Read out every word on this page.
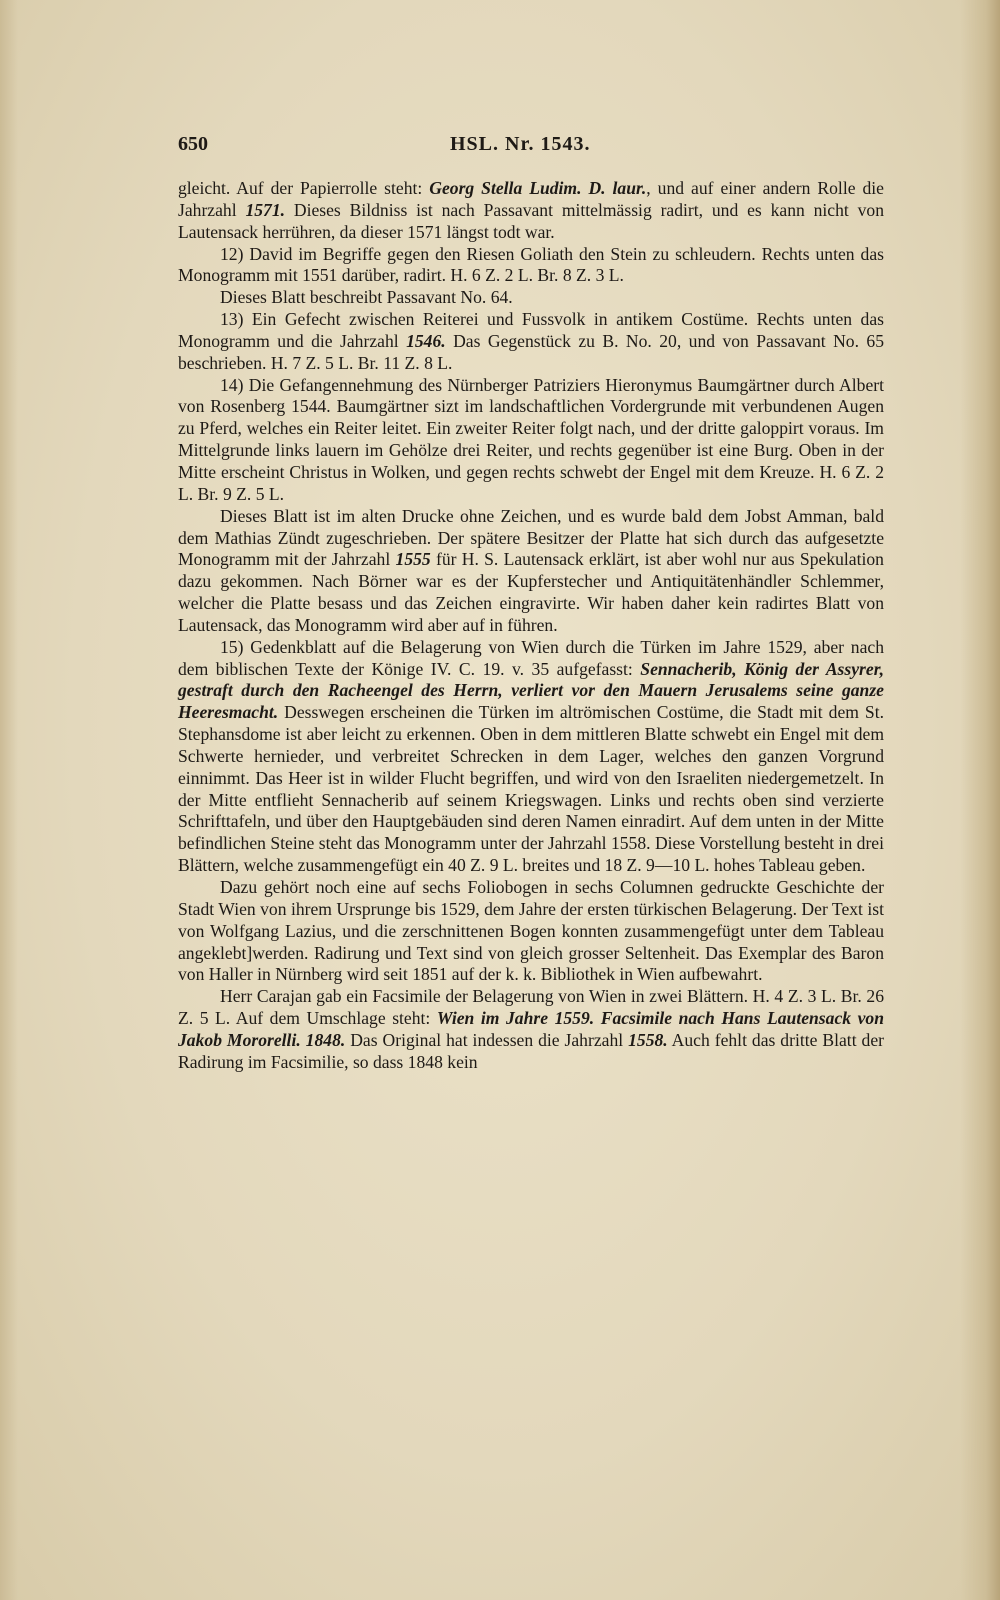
650	HSL. Nr. 1543.

gleicht. Auf der Papierrolle steht: Georg Stella Ludim. D. laur., und auf einer andern Rolle die Jahrzahl 1571. Dieses Bildniss ist nach Passavant mittelmässig radirt, und es kann nicht von Lautensack herrühren, da dieser 1571 längst todt war.

12) David im Begriffe gegen den Riesen Goliath den Stein zu schleudern. Rechts unten das Monogramm mit 1551 darüber, radirt. H. 6 Z. 2 L. Br. 8 Z. 3 L.

Dieses Blatt beschreibt Passavant No. 64.

13) Ein Gefecht zwischen Reiterei und Fussvolk in antikem Costüme. Rechts unten das Monogramm und die Jahrzahl 1546. Das Gegenstück zu B. No. 20, und von Passavant No. 65 beschrieben. H. 7 Z. 5 L. Br. 11 Z. 8 L.

14) Die Gefangennehmung des Nürnberger Patriziers Hieronymus Baumgärtner durch Albert von Rosenberg 1544. Baumgärtner sizt im landschaftlichen Vordergrunde mit verbundenen Augen zu Pferd, welches ein Reiter leitet. Ein zweiter Reiter folgt nach, und der dritte galoppirt voraus. Im Mittelgrunde links lauern im Gehölze drei Reiter, und rechts gegenüber ist eine Burg. Oben in der Mitte erscheint Christus in Wolken, und gegen rechts schwebt der Engel mit dem Kreuze. H. 6 Z. 2 L. Br. 9 Z. 5 L.

Dieses Blatt ist im alten Drucke ohne Zeichen, und es wurde bald dem Jobst Amman, bald dem Mathias Zündt zugeschrieben. Der spätere Besitzer der Platte hat sich durch das aufgesetzte Monogramm mit der Jahrzahl 1555 für H. S. Lautensack erklärt, ist aber wohl nur aus Spekulation dazu gekommen. Nach Börner war es der Kupferstecher und Antiquitätenhändler Schlemmer, welcher die Platte besass und das Zeichen eingravirte. Wir haben daher kein radirtes Blatt von Lautensack, das Monogramm wird aber auf in führen.

15) Gedenkblatt auf die Belagerung von Wien durch die Türken im Jahre 1529, aber nach dem biblischen Texte der Könige IV. C. 19. v. 35 aufgefasst: Sennacherib, König der Assyrer, gestraft durch den Racheengel des Herrn, verliert vor den Mauern Jerusalems seine ganze Heeresmacht. Desswegen erscheinen die Türken im altrömischen Costüme, die Stadt mit dem St. Stephansdome ist aber leicht zu erkennen. Oben in dem mittleren Blatte schwebt ein Engel mit dem Schwerte hernieder, und verbreitet Schrecken in dem Lager, welches den ganzen Vorgrund einnimmt. Das Heer ist in wilder Flucht begriffen, und wird von den Israeliten niedergemetzelt. In der Mitte entflieht Sennacherib auf seinem Kriegswagen. Links und rechts oben sind verzierte Schrifttafeln, und über den Hauptgebäuden sind deren Namen einradirt. Auf dem unten in der Mitte befindlichen Steine steht das Monogramm unter der Jahrzahl 1558. Diese Vorstellung besteht in drei Blättern, welche zusammengefügt ein 40 Z. 9 L. breites und 18 Z. 9—10 L. hohes Tableau geben.

Dazu gehört noch eine auf sechs Foliobogen in sechs Columnen gedruckte Geschichte der Stadt Wien von ihrem Ursprunge bis 1529, dem Jahre der ersten türkischen Belagerung. Der Text ist von Wolfgang Lazius, und die zerschnittenen Bogen konnten zusammengefügt unter dem Tableau angeklebt]werden. Radirung und Text sind von gleich grosser Seltenheit. Das Exemplar des Baron von Haller in Nürnberg wird seit 1851 auf der k. k. Bibliothek in Wien aufbewahrt.

Herr Carajan gab ein Facsimile der Belagerung von Wien in zwei Blättern. H. 4 Z. 3 L. Br. 26 Z. 5 L. Auf dem Umschlage steht: Wien im Jahre 1559. Facsimile nach Hans Lautensack von Jakob Mororelli. 1848. Das Original hat indessen die Jahrzahl 1558. Auch fehlt das dritte Blatt der Radirung im Facsimilie, so dass 1848 kein
